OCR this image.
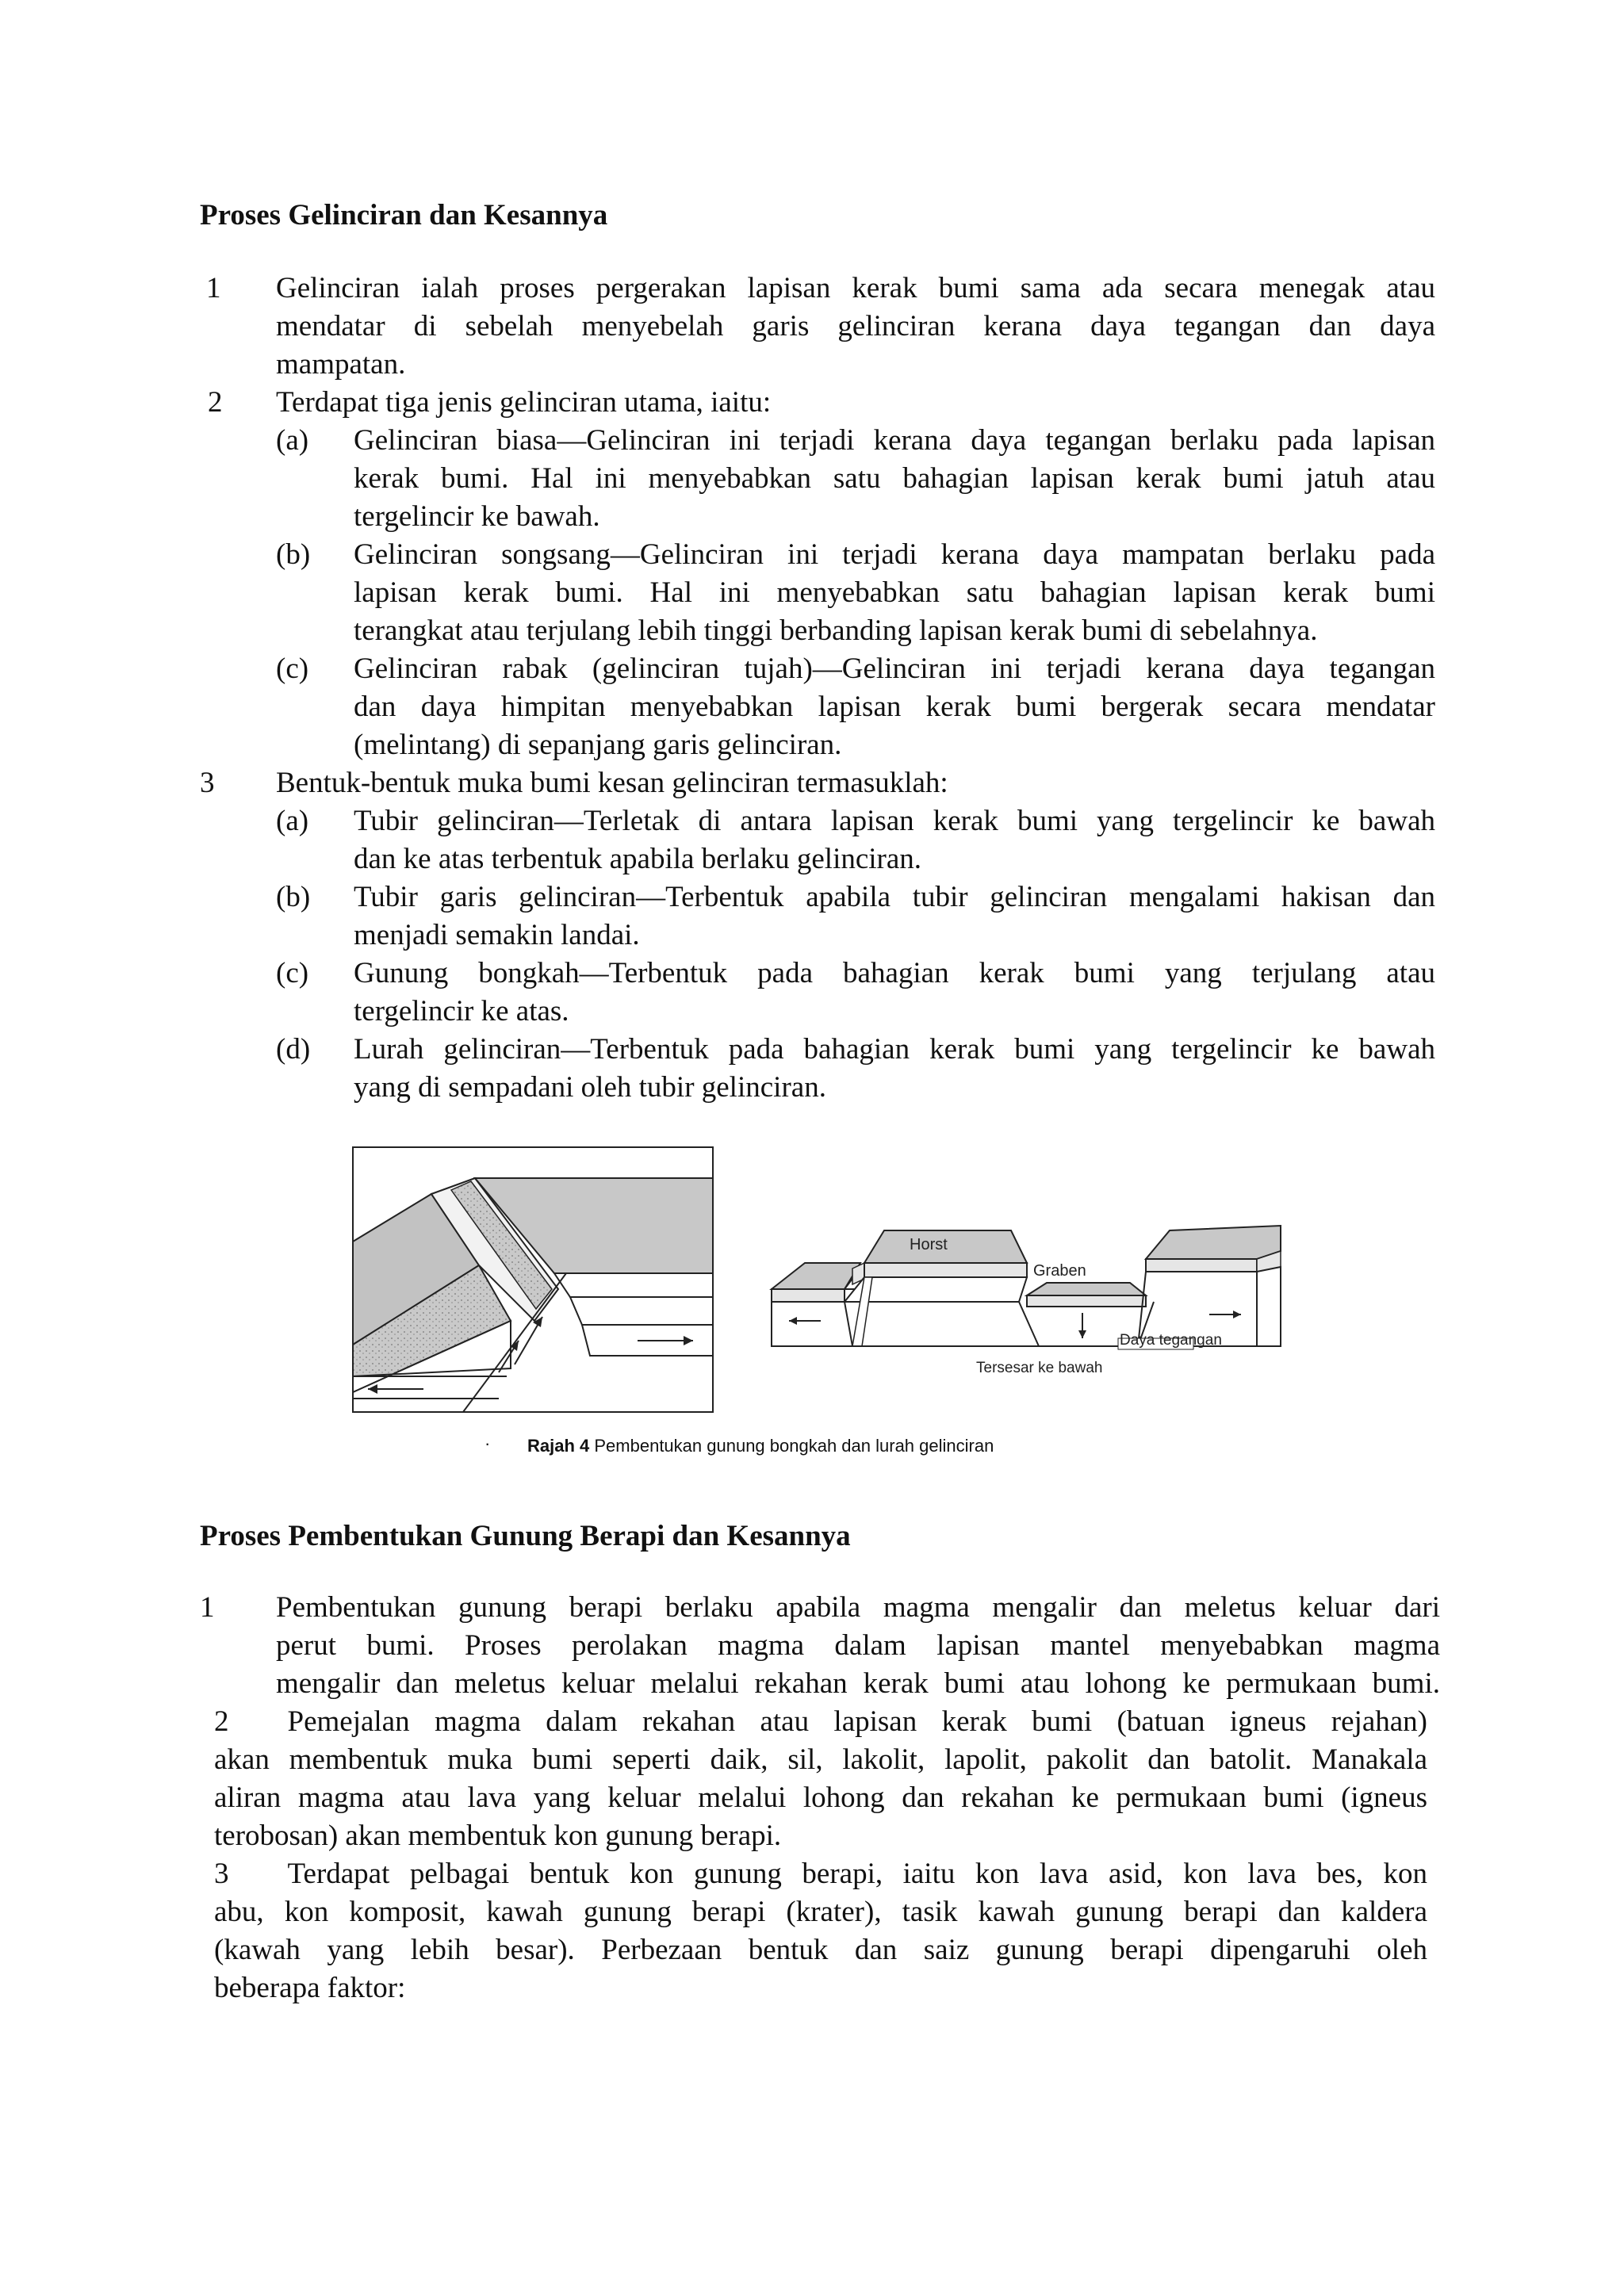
Proses Gelinciran dan Kesannya
1 Gelinciran ialah proses pergerakan lapisan kerak bumi sama ada secara menegak atau
mendatar di sebelah menyebelah garis gelinciran kerana daya tegangan dan daya
mampatan.
2 Terdapat tiga jenis gelinciran utama, iaitu:
(a) Gelinciran biasa—Gelinciran ini terjadi kerana daya tegangan berlaku pada lapisan
kerak bumi. Hal ini menyebabkan satu bahagian lapisan kerak bumi jatuh atau
tergelincir ke bawah.
(b) Gelinciran songsang—Gelinciran ini terjadi kerana daya mampatan berlaku pada
lapisan kerak bumi. Hal ini menyebabkan satu bahagian lapisan kerak bumi
terangkat atau terjulang lebih tinggi berbanding lapisan kerak bumi di sebelahnya.
(c) Gelinciran rabak (gelinciran tujah)—Gelinciran ini terjadi kerana daya tegangan
dan daya himpitan menyebabkan lapisan kerak bumi bergerak secara mendatar
(melintang) di sepanjang garis gelinciran.
3 Bentuk-bentuk muka bumi kesan gelinciran termasuklah:
(a) Tubir gelinciran—Terletak di antara lapisan kerak bumi yang tergelincir ke bawah
dan ke atas terbentuk apabila berlaku gelinciran.
(b) Tubir garis gelinciran—Terbentuk apabila tubir gelinciran mengalami hakisan dan
menjadi semakin landai.
(c) Gunung bongkah—Terbentuk pada bahagian kerak bumi yang terjulang atau
tergelincir ke atas.
(d) Lurah gelinciran—Terbentuk pada bahagian kerak bumi yang tergelincir ke bawah
yang di sempadani oleh tubir gelinciran.
Horst
Graben
Daya tegangan
Tersesar ke bawah
· Rajah 4 Pembentukan gunung bongkah dan lurah gelinciran
Proses Pembentukan Gunung Berapi dan Kesannya
1 Pembentukan gunung berapi berlaku apabila magma mengalir dan meletus keluar dari
perut bumi. Proses perolakan magma dalam lapisan mantel menyebabkan magma
mengalir dan meletus keluar melalui rekahan kerak bumi atau lohong ke permukaan bumi.
2  Pemejalan magma dalam rekahan atau lapisan kerak bumi (batuan igneus rejahan)
akan membentuk muka bumi seperti daik, sil, lakolit, lapolit, pakolit dan batolit. Manakala
aliran magma atau lava yang keluar melalui lohong dan rekahan ke permukaan bumi (igneus
terobosan) akan membentuk kon gunung berapi.
3  Terdapat pelbagai bentuk kon gunung berapi, iaitu kon lava asid, kon lava bes, kon
abu, kon komposit, kawah gunung berapi (krater), tasik kawah gunung berapi dan kaldera
(kawah yang lebih besar). Perbezaan bentuk dan saiz gunung berapi dipengaruhi oleh
beberapa faktor:
